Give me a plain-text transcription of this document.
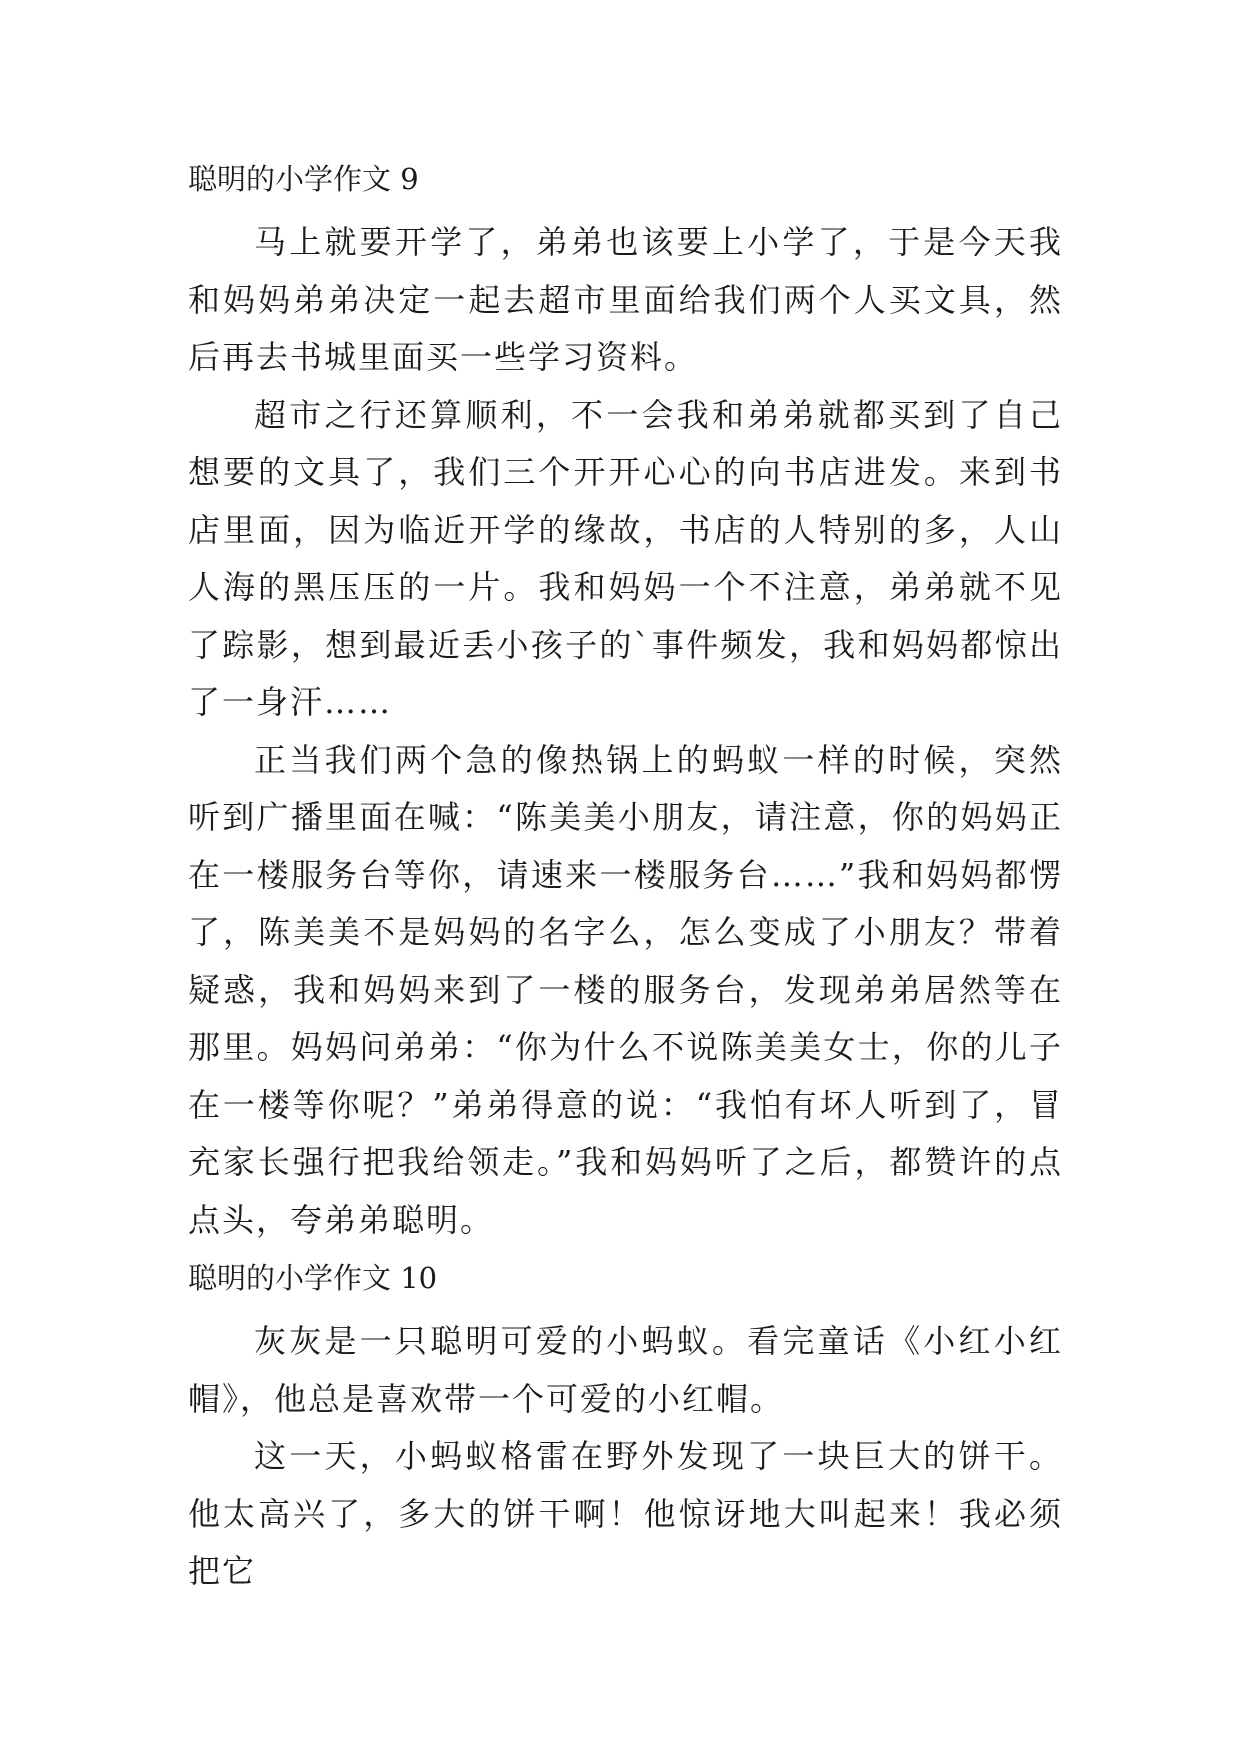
聪明的小学作文 9

马上就要开学了，弟弟也该要上小学了，于是今天我和妈妈弟弟决定一起去超市里面给我们两个人买文具，然后再去书城里面买一些学习资料。

超市之行还算顺利，不一会我和弟弟就都买到了自己想要的文具了，我们三个开开心心的向书店进发。来到书店里面，因为临近开学的缘故，书店的人特别的多，人山人海的黑压压的一片。我和妈妈一个不注意，弟弟就不见了踪影，想到最近丢小孩子的`事件频发，我和妈妈都惊出了一身汗……

正当我们两个急的像热锅上的蚂蚁一样的时候，突然听到广播里面在喊：“陈美美小朋友，请注意，你的妈妈正在一楼服务台等你，请速来一楼服务台……”我和妈妈都愣了，陈美美不是妈妈的名字么，怎么变成了小朋友？带着疑惑，我和妈妈来到了一楼的服务台，发现弟弟居然等在那里。妈妈问弟弟：“你为什么不说陈美美女士，你的儿子在一楼等你呢？”弟弟得意的说：“我怕有坏人听到了，冒充家长强行把我给领走。”我和妈妈听了之后，都赞许的点点头，夸弟弟聪明。

聪明的小学作文 10

灰灰是一只聪明可爱的小蚂蚁。看完童话《小红小红帽》，他总是喜欢带一个可爱的小红帽。

这一天，小蚂蚁格雷在野外发现了一块巨大的饼干。他太高兴了，多大的饼干啊！他惊讶地大叫起来！我必须把它
